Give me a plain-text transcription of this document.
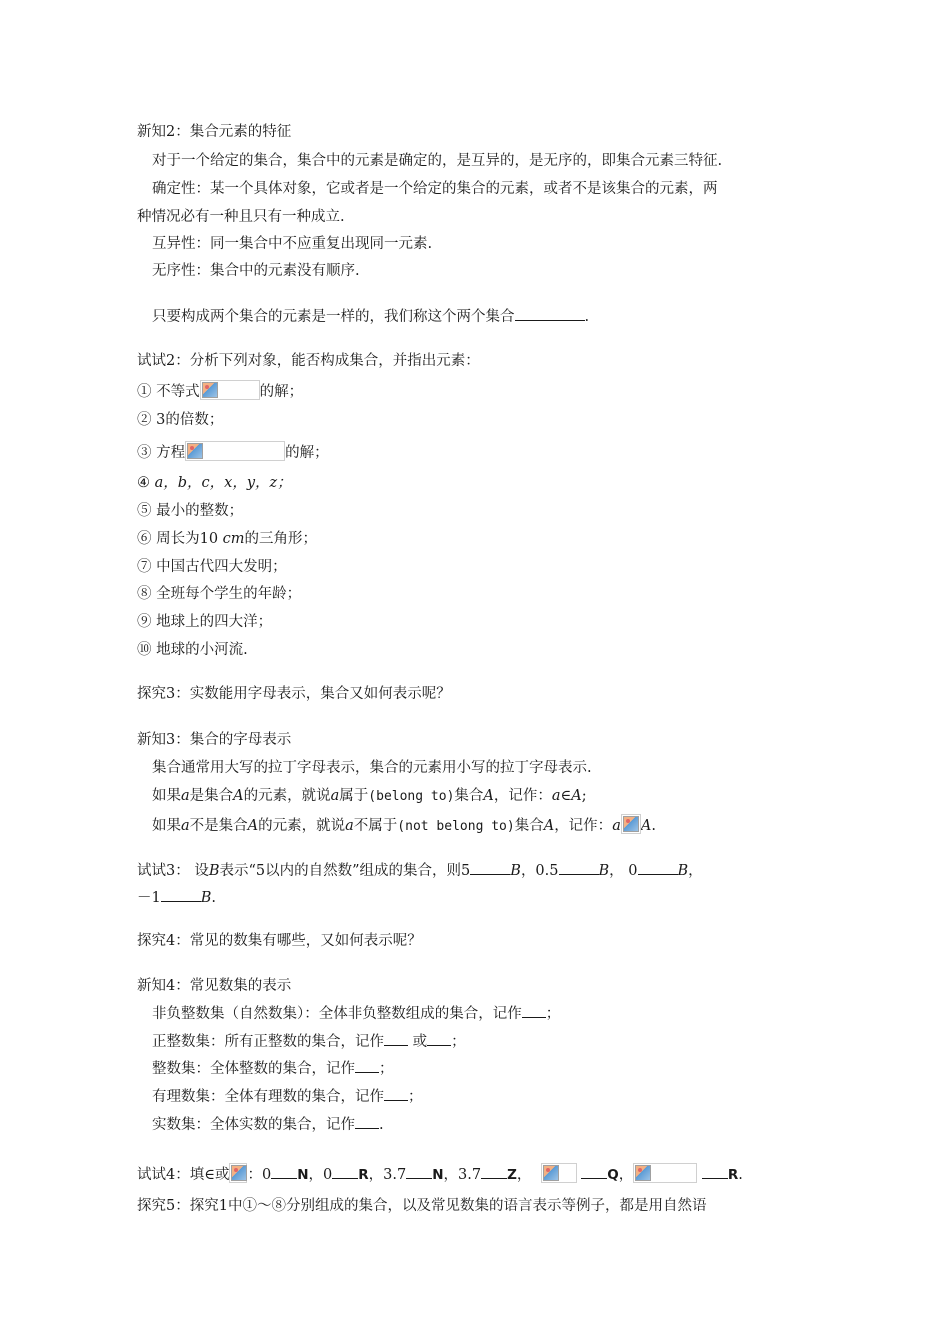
新知2：集合元素的特征
对于一个给定的集合，集合中的元素是确定的，是互异的，是无序的，即集合元素三特征.
确定性：某一个具体对象，它或者是一个给定的集合的元素，或者不是该集合的元素，两
种情况必有一种且只有一种成立.
互异性：同一集合中不应重复出现同一元素.
无序性：集合中的元素没有顺序.
只要构成两个集合的元素是一样的，我们称这个两个集合	.
试试2：分析下列对象，能否构成集合，并指出元素：
① 不等式	的解；
② 3的倍数；
③ 方程	的解；
④ a，b，c，x，y，z；
⑤ 最小的整数；
⑥ 周长为10 cm的三角形；
⑦ 中国古代四大发明；
⑧ 全班每个学生的年龄；
⑨ 地球上的四大洋；
⑩ 地球的小河流.
探究3：实数能用字母表示，集合又如何表示呢？
新知3：集合的字母表示
集合通常用大写的拉丁字母表示，集合的元素用小写的拉丁字母表示.
如果a是集合A的元素，就说a属于(belong to)集合A，记作：a∈A;
如果a不是集合A的元素，就说a不属于(not belong to)集合A，记作：a A.
试试3： 设B表示“5以内的自然数”组成的集合，则5	B，0.5	B， 0	B，
－1	B.
探究4：常见的数集有哪些，又如何表示呢？
新知4：常见数集的表示
非负整数集（自然数集）：全体非负整数组成的集合，记作 ；
正整数集：所有正整数的集合，记作 或 ；
整数集：全体整数的集合，记作 ；
有理数集：全体有理数的集合，记作 ；
实数集：全体实数的集合，记作 .
试试4：填∈或 ：0 N，0 R，3.7 N，3.7 Z，	Q，	R.
探究5：探究1中①～⑧分别组成的集合，以及常见数集的语言表示等例子，都是用自然语
